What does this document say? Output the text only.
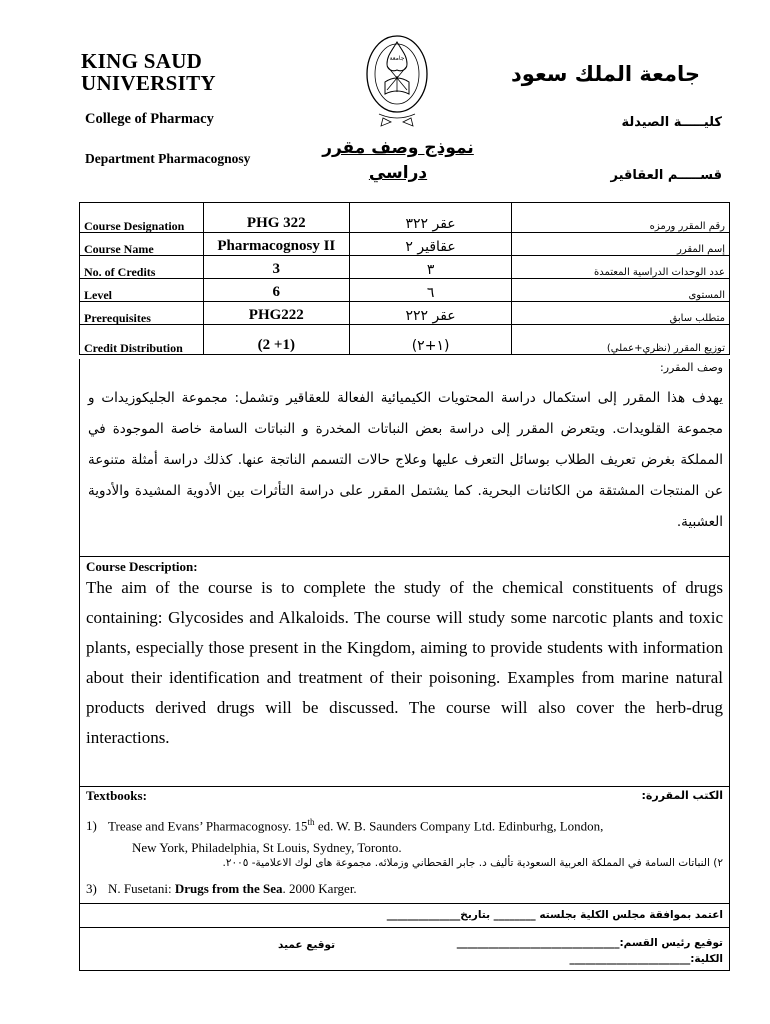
KING SAUD UNIVERSITY
College of Pharmacy
Department Pharmacognosy
جامعة
نموذج وصف مقرر
دراسي
جامعة الملك سعود
كليـــــة الصيدلة
قســـــم العقاقير
Course Designation	PHG 322	عقر ٣٢٢	رقم المقرر ورمزه
Course Name	Pharmacognosy II	عقاقير ٢	إسم المقرر
No. of Credits	3	٣	عدد الوحدات الدراسية المعتمدة
Level	6	٦	المستوى
Prerequisites	PHG222	عقر ٢٢٢	متطلب سابق
Credit Distribution	(2 +1)	(١+٢)	توزيع المقرر (نظري+عملي)
وصف المقرر:
يهدف هذا المقرر إلى استكمال دراسة المحتويات الكيميائية الفعالة للعقاقير وتشمل: مجموعة الجليكوزيدات و مجموعة القلويدات. ويتعرض المقرر إلى دراسة بعض النباتات المخدرة و النباتات السامة خاصة الموجودة في المملكة بغرض تعريف الطلاب بوسائل التعرف عليها وعلاج حالات التسمم الناتجة عنها. كذلك دراسة أمثلة متنوعة عن المنتجات المشتقة من الكائنات البحرية. كما يشتمل المقرر على دراسة التأثرات بين الأدوية المشيدة والأدوية العشبية.
Course Description:
The aim of the course is to complete the study of the chemical constituents of drugs containing: Glycosides and Alkaloids. The course will study some narcotic plants and toxic plants, especially those present in the Kingdom, aiming to provide students with information about their identification and treatment of their poisoning. Examples from marine natural products derived drugs will be discussed. The course will also cover the herb-drug interactions.
Textbooks:	الكتب المقررة:
1) Trease and Evans’ Pharmacognosy. 15th ed. W. B. Saunders Company Ltd. Edinburhg, London,
New York, Philadelphia, St Louis, Sydney, Toronto.
٢) النباتات السامة في المملكة العربية السعودية تأليف د. جابر القحطاني وزملائه. مجموعة هاى لوك الاعلامية- ٢٠٠٥.
3) N. Fusetani: Drugs from the Sea. 2000 Karger.
اعتمد بموافقة مجلس الكلية بجلسته ________ بتاريخ______________
توقيع رئيس القسم:_______________________________
الكلية:_______________________
توقيع عميد
